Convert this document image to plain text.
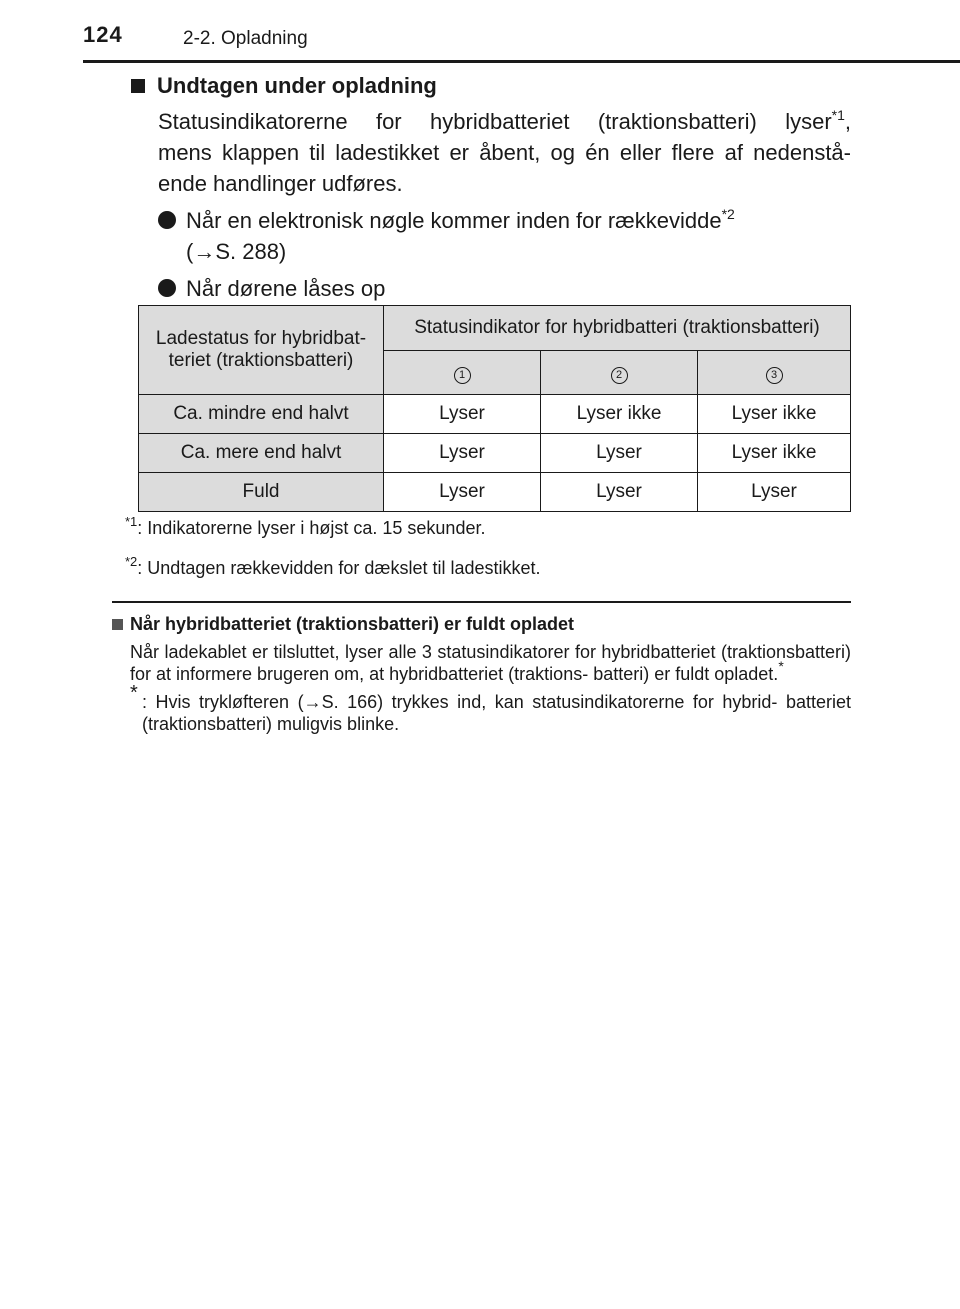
124	2-2. Opladning
Undtagen under opladning
Statusindikatorerne for hybridbatteriet (traktionsbatteri) lyser$^{*1}$,
mens klappen til ladestikket er åbent, og én eller flere af nedenstå- ende handlinger udføres.
Når en elektronisk nøgle kommer inden for rækkevidde$^{*2}$
(→S. 288)
Når dørene låses op
Ladestatus for hybridbat- teriet (traktionsbatteri)	Statusindikator for hybridbatteri (traktionsbatteri)		
	1	2	3
Ca. mindre end halvt	Lyser	Lyser ikke	Lyser ikke
Ca. mere end halvt	Lyser	Lyser	Lyser ikke
Fuld	Lyser	Lyser	Lyser
$^{*1}$: Indikatorerne lyser i højst ca. 15 sekunder.
$^{*2}$: Undtagen rækkevidden for dækslet til ladestikket.
Når hybridbatteriet (traktionsbatteri) er fuldt opladet
Når ladekablet er tilsluttet, lyser alle 3 statusindikatorer for hybridbatteriet (traktionsbatteri) for at informere brugeren om, at hybridbatteriet (traktions- batteri) er fuldt opladet.*
* : Hvis trykløfteren (→S. 166) trykkes ind, kan statusindikatorerne for hybrid- batteriet (traktionsbatteri) muligvis blinke.
